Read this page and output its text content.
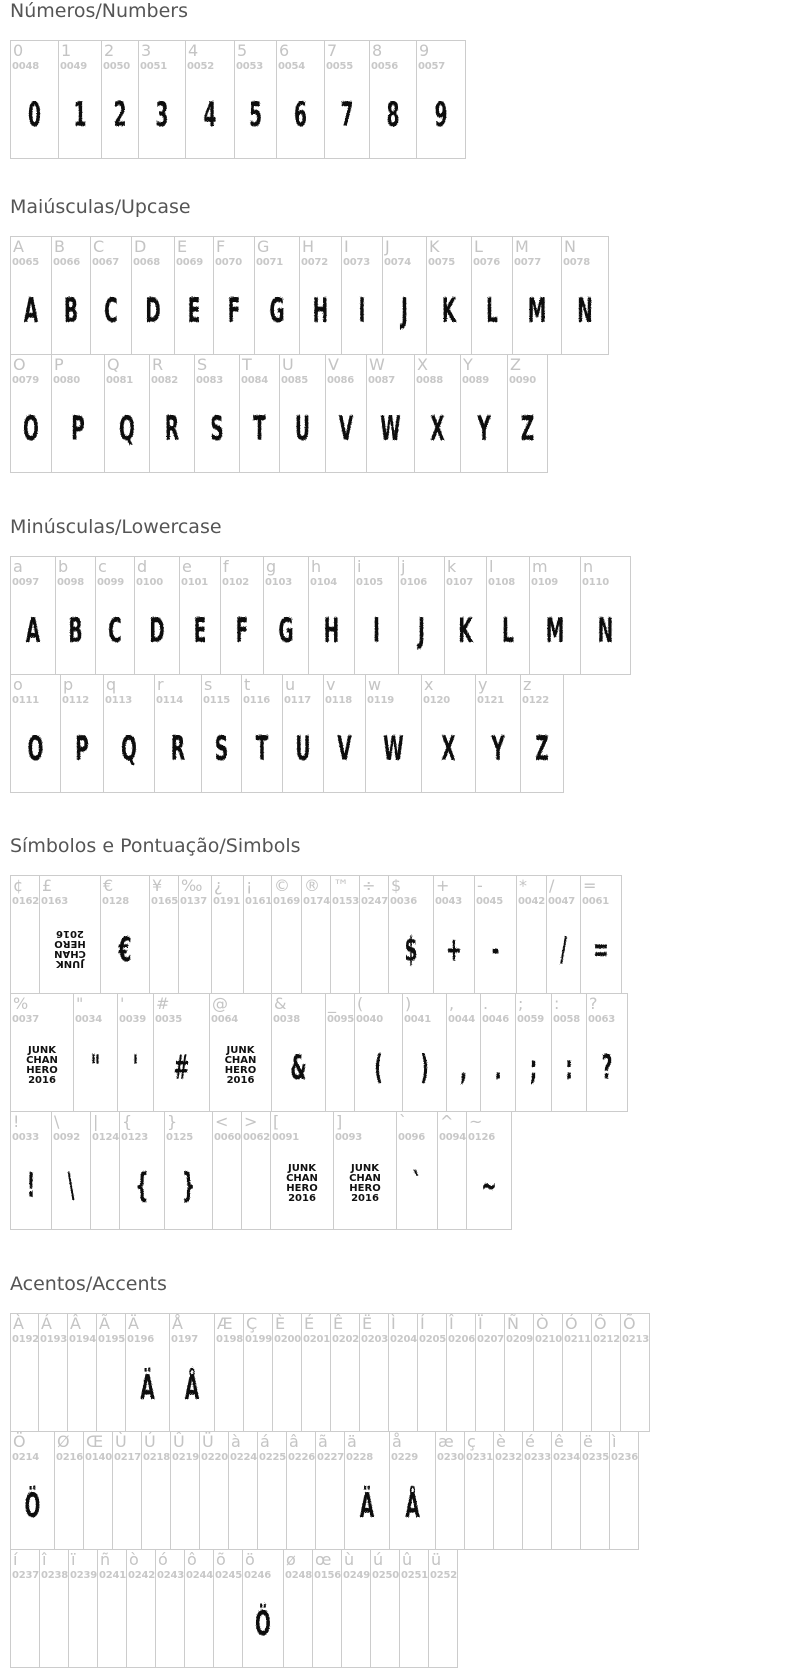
Números/Numbers
0
0048
0
1
0049
1
2
0050
2
3
0051
3
4
0052
4
5
0053
5
6
0054
6
7
0055
7
8
0056
8
9
0057
9
Maiúsculas/Upcase
A
0065
A
B
0066
B
C
0067
C
D
0068
D
E
0069
E
F
0070
F
G
0071
G
H
0072
H
I
0073
I
J
0074
J
K
0075
K
L
0076
L
M
0077
M
N
0078
N
O
0079
O
P
0080
P
Q
0081
Q
R
0082
R
S
0083
S
T
0084
T
U
0085
U
V
0086
V
W
0087
W
X
0088
X
Y
0089
Y
Z
0090
Z
Minúsculas/Lowercase
a
0097
A
b
0098
B
c
0099
C
d
0100
D
e
0101
E
f
0102
F
g
0103
G
h
0104
H
i
0105
I
j
0106
J
k
0107
K
l
0108
L
m
0109
M
n
0110
N
o
0111
O
p
0112
P
q
0113
Q
r
0114
R
s
0115
S
t
0116
T
u
0117
U
v
0118
V
w
0119
W
x
0120
X
y
0121
Y
z
0122
Z
Símbolos e Pontuação/Simbols
¢
0162
£
0163
JUNK
CHAN
HERO
2016
€
0128
€
¥
0165
‰
0137
¿
0191
¡
0161
©
0169
®
0174
™
0153
÷
0247
$
0036
$
+
0043
+
-
0045
-
*
0042
/
0047
/
=
0061
=
%
0037
JUNK
CHAN
HERO
2016
"
0034
"
'
0039
'
#
0035
#
@
0064
JUNK
CHAN
HERO
2016
&
0038
&
_
0095
(
0040
(
)
0041
)
,
0044
,
.
0046
.
;
0059
;
:
0058
:
?
0063
?
!
0033
!
\
0092
\
|
0124
{
0123
{
}
0125
}
<
0060
>
0062
[
0091
JUNK
CHAN
HERO
2016
]
0093
JUNK
CHAN
HERO
2016
`
0096
`
^
0094
~
0126
~
Acentos/Accents
À
0192
Á
0193
Â
0194
Ã
0195
Ä
0196
Ä
Å
0197
Å
Æ
0198
Ç
0199
È
0200
É
0201
Ê
0202
Ë
0203
Ì
0204
Í
0205
Î
0206
Ï
0207
Ñ
0209
Ò
0210
Ó
0211
Ô
0212
Õ
0213
Ö
0214
Ö
Ø
0216
Œ
0140
Ù
0217
Ú
0218
Û
0219
Ü
0220
à
0224
á
0225
â
0226
ã
0227
ä
0228
Ä
å
0229
Å
æ
0230
ç
0231
è
0232
é
0233
ê
0234
ë
0235
ì
0236
í
0237
î
0238
ï
0239
ñ
0241
ò
0242
ó
0243
ô
0244
õ
0245
ö
0246
Ö
ø
0248
œ
0156
ù
0249
ú
0250
û
0251
ü
0252
